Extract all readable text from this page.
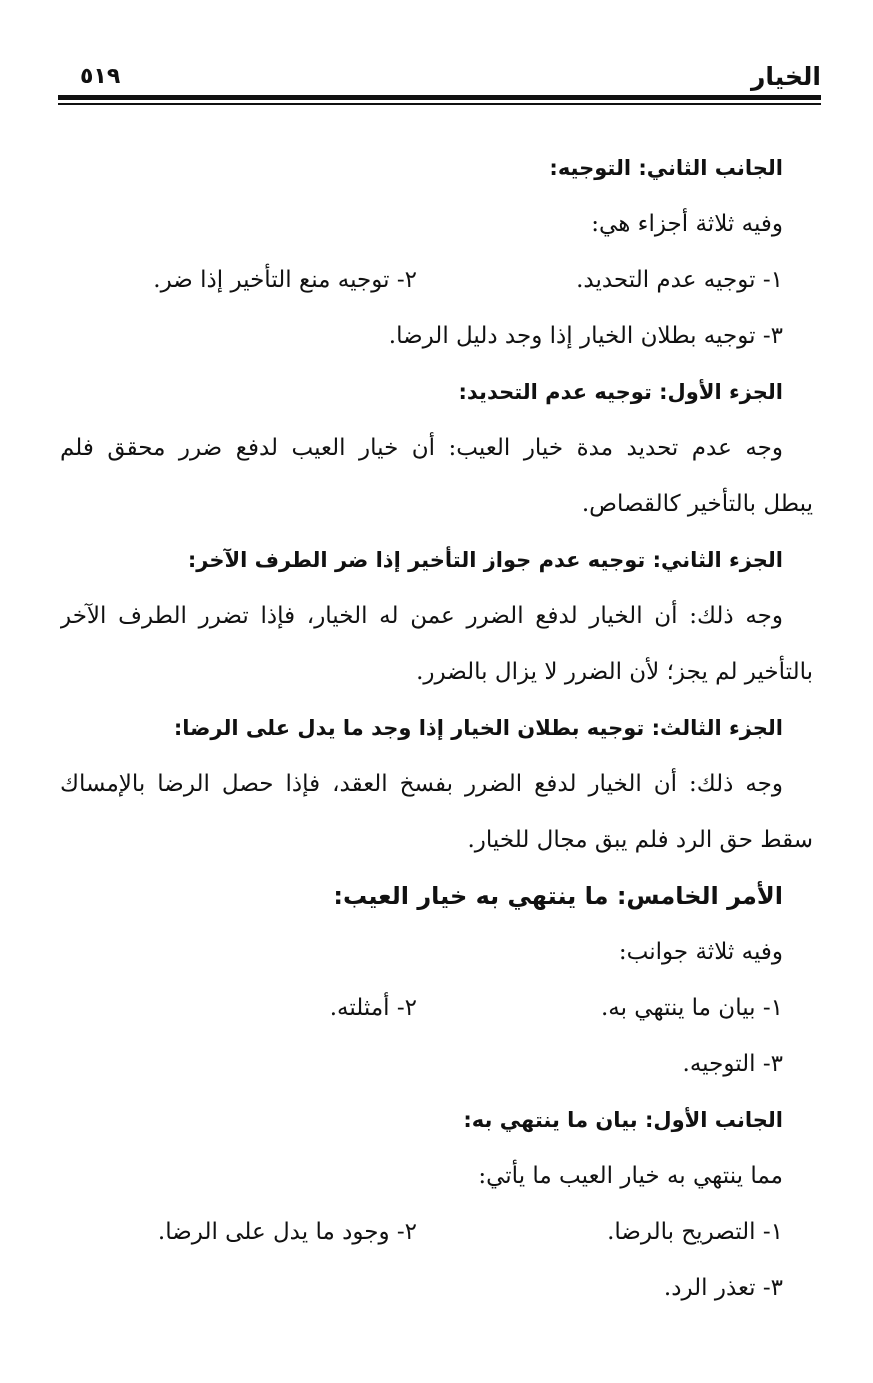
الخيار
٥١٩
الجانب الثاني: التوجيه:
وفيه ثلاثة أجزاء هي:
١- توجيه عدم التحديد.
٢- توجيه منع التأخير إذا ضر.
٣- توجيه بطلان الخيار إذا وجد دليل الرضا.
الجزء الأول: توجيه عدم التحديد:
وجه عدم تحديد مدة خيار العيب: أن خيار العيب لدفع ضرر محقق فلم
يبطل بالتأخير كالقصاص.
الجزء الثاني: توجيه عدم جواز التأخير إذا ضر الطرف الآخر:
وجه ذلك: أن الخيار لدفع الضرر عمن له الخيار، فإذا تضرر الطرف الآخر
بالتأخير لم يجز؛ لأن الضرر لا يزال بالضرر.
الجزء الثالث: توجيه بطلان الخيار إذا وجد ما يدل على الرضا:
وجه ذلك: أن الخيار لدفع الضرر بفسخ العقد، فإذا حصل الرضا بالإمساك
سقط حق الرد فلم يبق مجال للخيار.
الأمر الخامس: ما ينتهي به خيار العيب:
وفيه ثلاثة جوانب:
١- بيان ما ينتهي به.
٢- أمثلته.
٣- التوجيه.
الجانب الأول: بيان ما ينتهي به:
مما ينتهي به خيار العيب ما يأتي:
١- التصريح بالرضا.
٢- وجود ما يدل على الرضا.
٣- تعذر الرد.
